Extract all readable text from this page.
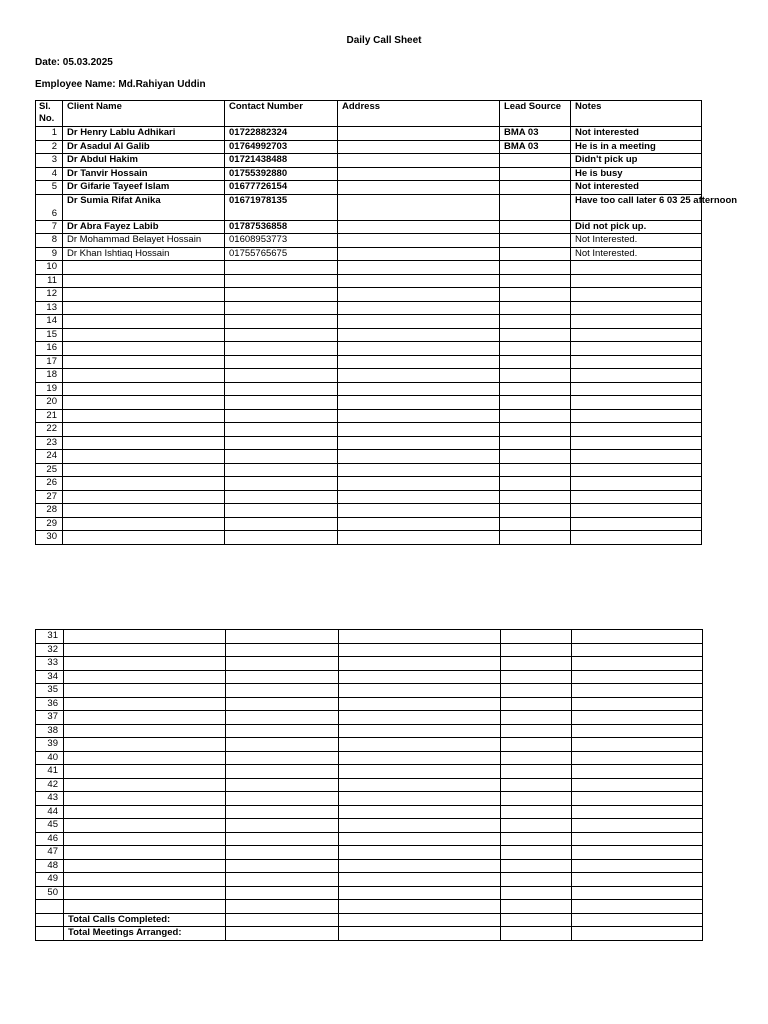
Daily Call Sheet
Date: 05.03.2025
Employee Name: Md.Rahiyan Uddin
Sl. No.	Client Name	Contact Number	Address	Lead Source	Notes
1	Dr Henry Lablu Adhikari	01722882324		BMA 03	Not interested
2	Dr Asadul Al Galib	01764992703		BMA 03	He is in a meeting
3	Dr Abdul Hakim	01721438488			Didn't pick up
4	Dr Tanvir Hossain	01755392880			He is busy
5	Dr Gifarie Tayeef Islam	01677726154			Not interested
6	Dr Sumia Rifat Anika	01671978135			Have too call later 6 03 25 afternoon
7	Dr Abra Fayez Labib	01787536858			Did not pick up.
8	Dr Mohammad Belayet Hossain	01608953773			Not Interested.
9	Dr Khan Ishtiaq Hossain	01755765675			Not Interested.
10					
11					
12					
13					
14					
15					
16					
17					
18					
19					
20					
21					
22					
23					
24					
25					
26					
27					
28					
29					
30					
31					
32					
33					
34					
35					
36					
37					
38					
39					
40					
41					
42					
43					
44					
45					
46					
47					
48					
49					
50					

	Total Calls Completed:				
	Total Meetings Arranged:				
